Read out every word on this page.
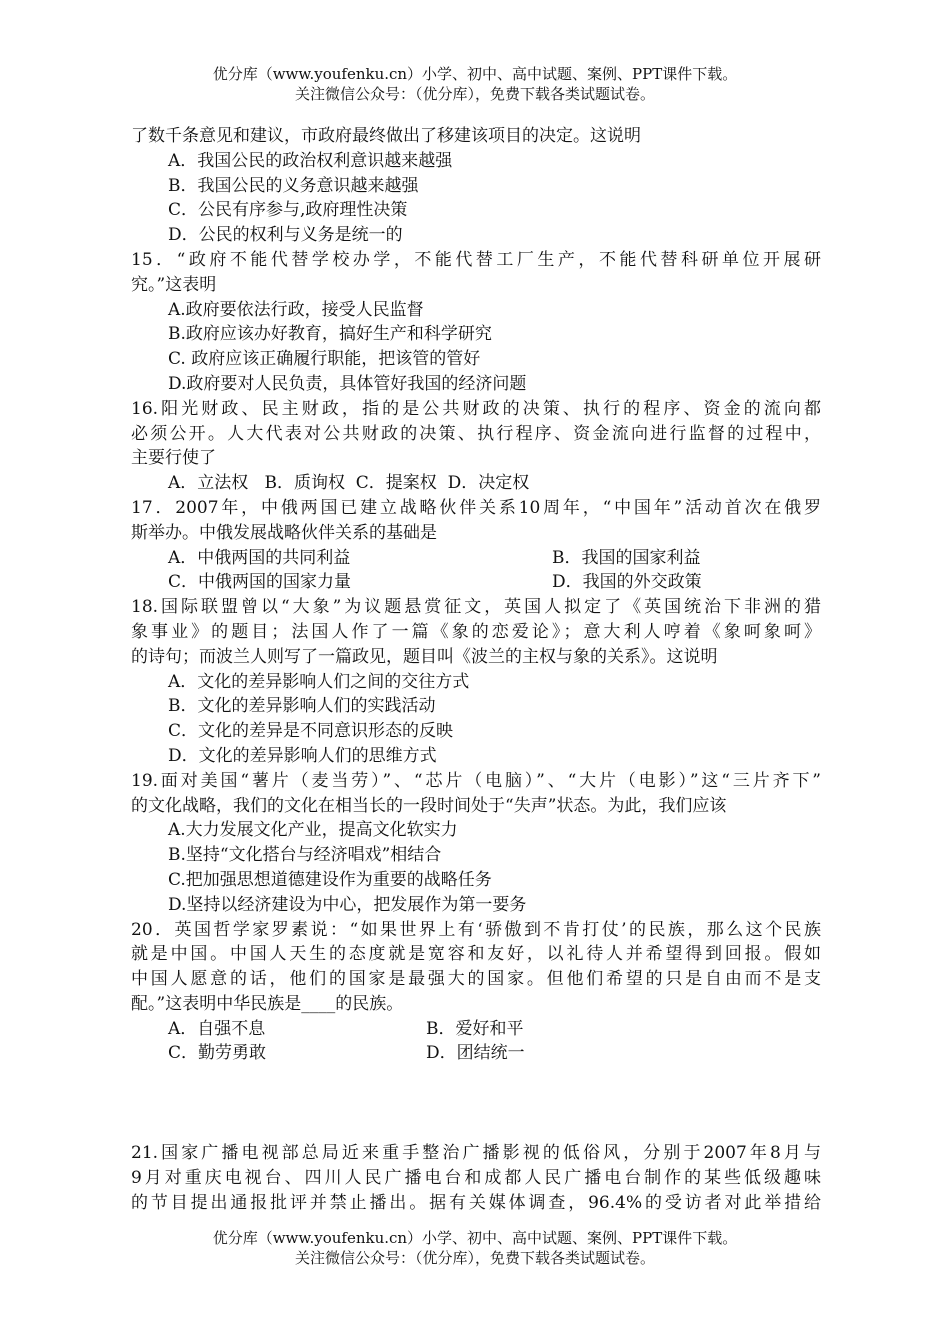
优分库（www.youfenku.cn）小学、初中、高中试题、案例、PPT课件下载。
关注微信公众号：（优分库），免费下载各类试题试卷。
了数千条意见和建议，市政府最终做出了移建该项目的决定。这说明
A．我国公民的政治权利意识越来越强
B．我国公民的义务意识越来越强
C．公民有序参与,政府理性决策
D．公民的权利与义务是统一的
15．“政府不能代替学校办学，不能代替工厂生产，不能代替科研单位开展研
究。”这表明
A.政府要依法行政，接受人民监督
B.政府应该办好教育，搞好生产和科学研究
C. 政府应该正确履行职能，把该管的管好
D.政府要对人民负责，具体管好我国的经济问题
16.阳光财政、民主财政，指的是公共财政的决策、执行的程序、资金的流向都
必须公开。人大代表对公共财政的决策、执行程序、资金流向进行监督的过程中，
主要行使了
A．立法权   B．质询权  C．提案权  D．决定权
17．2007年，中俄两国已建立战略伙伴关系10周年，“中国年”活动首次在俄罗
斯举办。中俄发展战略伙伴关系的基础是
A．中俄两国的共同利益	B．我国的国家利益
C．中俄两国的国家力量	D．我国的外交政策
18.国际联盟曾以“大象”为议题悬赏征文，英国人拟定了《英国统治下非洲的猎
象事业》的题目；法国人作了一篇《象的恋爱论》；意大利人哼着《象呵象呵》
的诗句；而波兰人则写了一篇政见，题目叫《波兰的主权与象的关系》。这说明
A．文化的差异影响人们之间的交往方式
B．文化的差异影响人们的实践活动
C．文化的差异是不同意识形态的反映
D．文化的差异影响人们的思维方式
19.面对美国“薯片（麦当劳）”、“芯片（电脑）”、“大片（电影）”这“三片齐下”
的文化战略，我们的文化在相当长的一段时间处于“失声”状态。为此，我们应该
A.大力发展文化产业，提高文化软实力
B.坚持“文化搭台与经济唱戏”相结合
C.把加强思想道德建设作为重要的战略任务
D.坚持以经济建设为中心，把发展作为第一要务
20．英国哲学家罗素说：“如果世界上有‘骄傲到不肯打仗’的民族，那么这个民族
就是中国。中国人天生的态度就是宽容和友好，以礼待人并希望得到回报。假如
中国人愿意的话，他们的国家是最强大的国家。但他们希望的只是自由而不是支
配。”这表明中华民族是____的民族。
A．自强不息	B．爱好和平
C．勤劳勇敢	D．团结统一
21.国家广播电视部总局近来重手整治广播影视的低俗风，分别于2007年8月与
9月对重庆电视台、四川人民广播电台和成都人民广播电台制作的某些低级趣味
的节目提出通报批评并禁止播出。据有关媒体调查，96.4%的受访者对此举措给
优分库（www.youfenku.cn）小学、初中、高中试题、案例、PPT课件下载。
关注微信公众号：（优分库），免费下载各类试题试卷。
